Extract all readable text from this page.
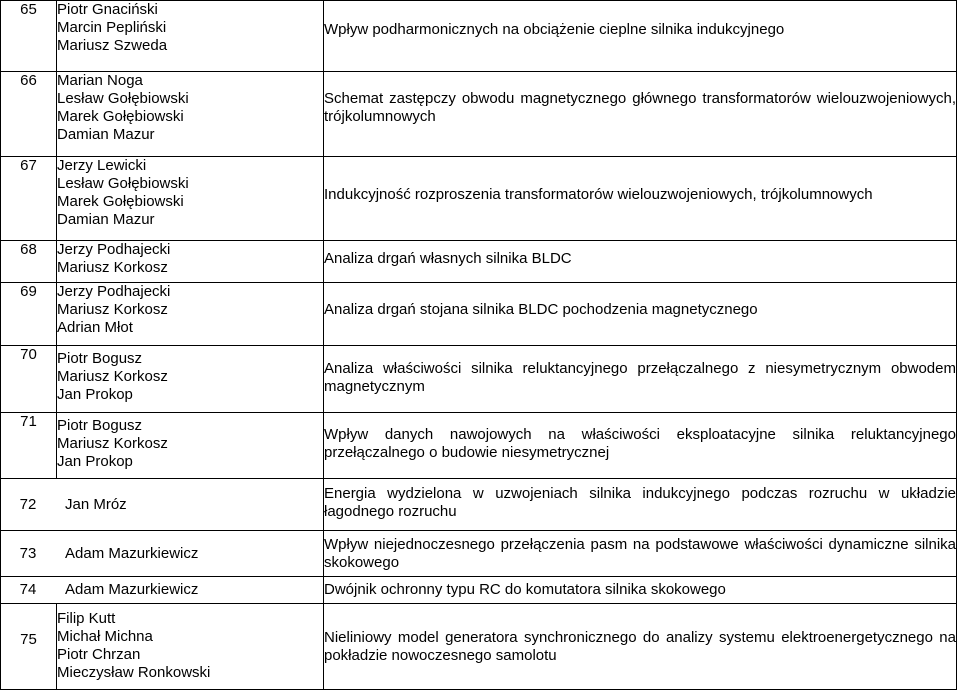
65	Piotr Gnaciński
Marcin Pepliński
Mariusz Szweda	Wpływ podharmonicznych na obciążenie cieplne silnika indukcyjnego

66	Marian Noga
Lesław Gołębiowski
Marek Gołębiowski
Damian Mazur	Schemat zastępczy obwodu magnetycznego głównego transformatorów wielouzwojeniowych, trójkolumnowych

67	Jerzy Lewicki
Lesław Gołębiowski
Marek Gołębiowski
Damian Mazur	Indukcyjność rozproszenia transformatorów wielouzwojeniowych, trójkolumnowych

68	Jerzy Podhajecki
Mariusz Korkosz	Analiza drgań własnych silnika BLDC

69	Jerzy Podhajecki
Mariusz Korkosz
Adrian Młot	Analiza drgań stojana silnika BLDC pochodzenia magnetycznego

70	Piotr Bogusz
Mariusz Korkosz
Jan Prokop	Analiza właściwości silnika reluktancyjnego przełączalnego z niesymetrycznym obwodem magnetycznym

71	Piotr Bogusz
Mariusz Korkosz
Jan Prokop	Wpływ danych nawojowych na właściwości eksploatacyjne silnika reluktancyjnego przełączalnego o budowie niesymetrycznej

72 Jan Mróz		Energia wydzielona w uzwojeniach silnika indukcyjnego podczas rozruchu w układzie łagodnego rozruchu

73 Adam Mazurkiewicz		Wpływ niejednoczesnego przełączenia pasm na podstawowe właściwości dynamiczne silnika skokowego

74 Adam Mazurkiewicz		Dwójnik ochronny typu RC do komutatora silnika skokowego

75	Filip Kutt
Michał Michna
Piotr Chrzan
Mieczysław Ronkowski	Nieliniowy model generatora synchronicznego do analizy systemu elektroenergetycznego na pokładzie nowoczesnego samolotu
